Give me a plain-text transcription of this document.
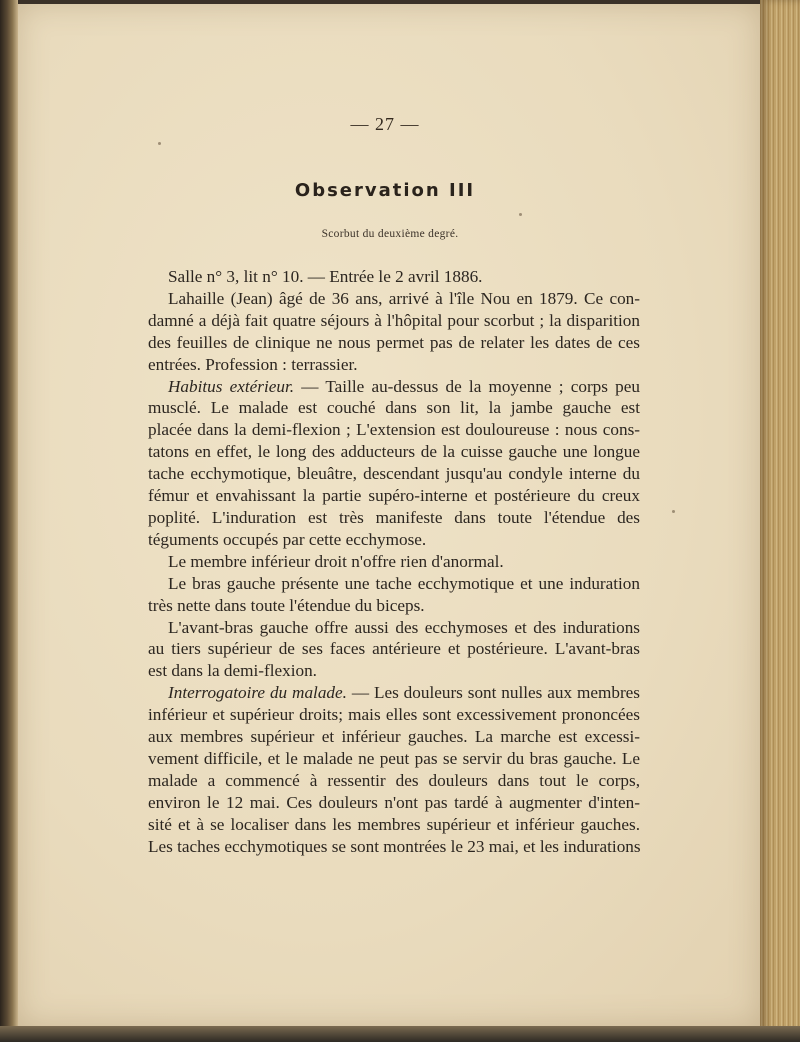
— 27 —
Observation III
Scorbut du deuxième degré.
Salle n° 3, lit n° 10. — Entrée le 2 avril 1886.
Lahaille (Jean) âgé de 36 ans, arrivé à l'île Nou en 1879. Ce con-
damné a déjà fait quatre séjours à l'hôpital pour scorbut ; la disparition
des feuilles de clinique ne nous permet pas de relater les dates de ces
entrées. Profession : terrassier.
Habitus extérieur. — Taille au-dessus de la moyenne ; corps peu
musclé. Le malade est couché dans son lit, la jambe gauche est
placée dans la demi-flexion ; L'extension est douloureuse : nous cons-
tatons en effet, le long des adducteurs de la cuisse gauche une longue
tache ecchymotique, bleuâtre, descendant jusqu'au condyle interne du
fémur et envahissant la partie supéro-interne et postérieure du creux
poplité. L'induration est très manifeste dans toute l'étendue des
téguments occupés par cette ecchymose.
Le membre inférieur droit n'offre rien d'anormal.
Le bras gauche présente une tache ecchymotique et une induration
très nette dans toute l'étendue du biceps.
L'avant-bras gauche offre aussi des ecchymoses et des indurations
au tiers supérieur de ses faces antérieure et postérieure. L'avant-bras
est dans la demi-flexion.
Interrogatoire du malade. — Les douleurs sont nulles aux membres
inférieur et supérieur droits; mais elles sont excessivement prononcées
aux membres supérieur et inférieur gauches. La marche est excessi-
vement difficile, et le malade ne peut pas se servir du bras gauche. Le
malade a commencé à ressentir des douleurs dans tout le corps,
environ le 12 mai. Ces douleurs n'ont pas tardé à augmenter d'inten-
sité et à se localiser dans les membres supérieur et inférieur gauches.
Les taches ecchymotiques se sont montrées le 23 mai, et les indurations
